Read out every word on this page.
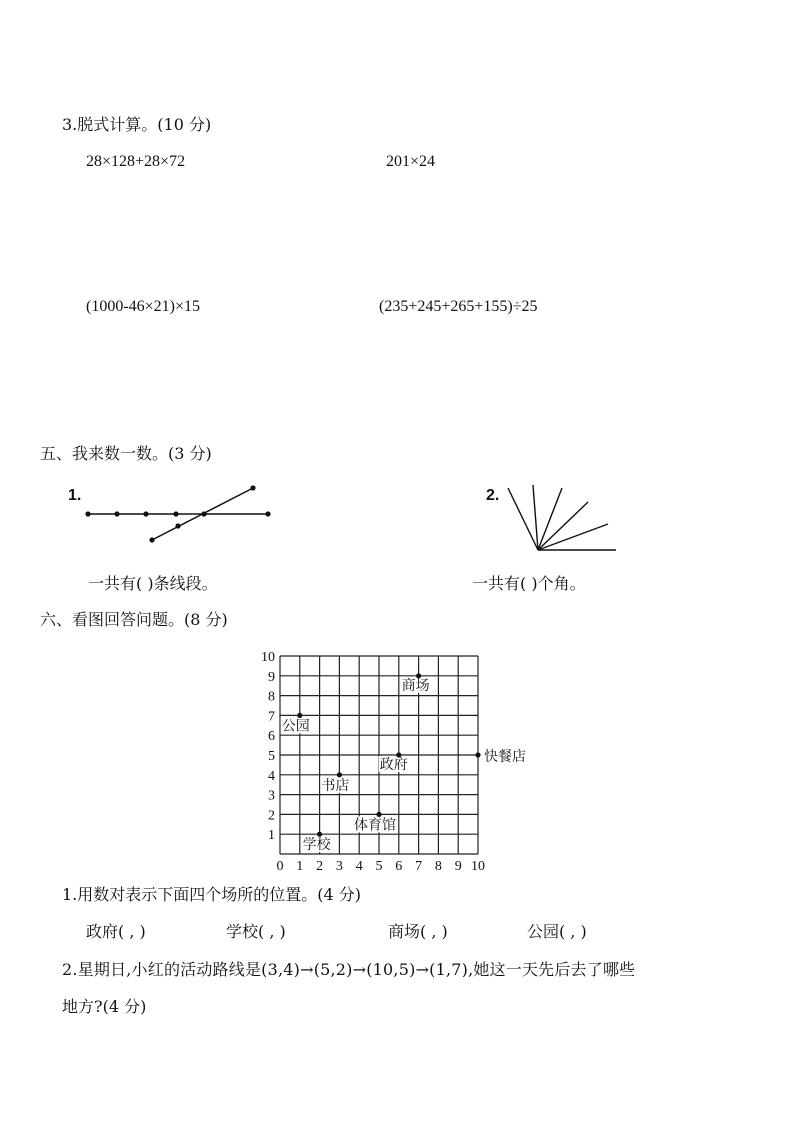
3.脱式计算。(10 分)
28×128+28×72	201×24
(1000-46×21)×15	(235+245+265+155)÷25
五、我来数一数。(3 分)
1.	2.
一共有( )条线段。	一共有( )个角。
六、看图回答问题。(8 分)
0 1 2 3 4 5 6 7 8 9 10
1
2
3
4
5
6
7
8
9
10
商场
公园
快餐店
政府
书店
体育馆
学校
1.用数对表示下面四个场所的位置。(4 分)
政府( , )	学校( , )	商场( , )	公园( , )
2.星期日,小红的活动路线是(3,4)→(5,2)→(10,5)→(1,7),她这一天先后去了哪些
地方?(4 分)
